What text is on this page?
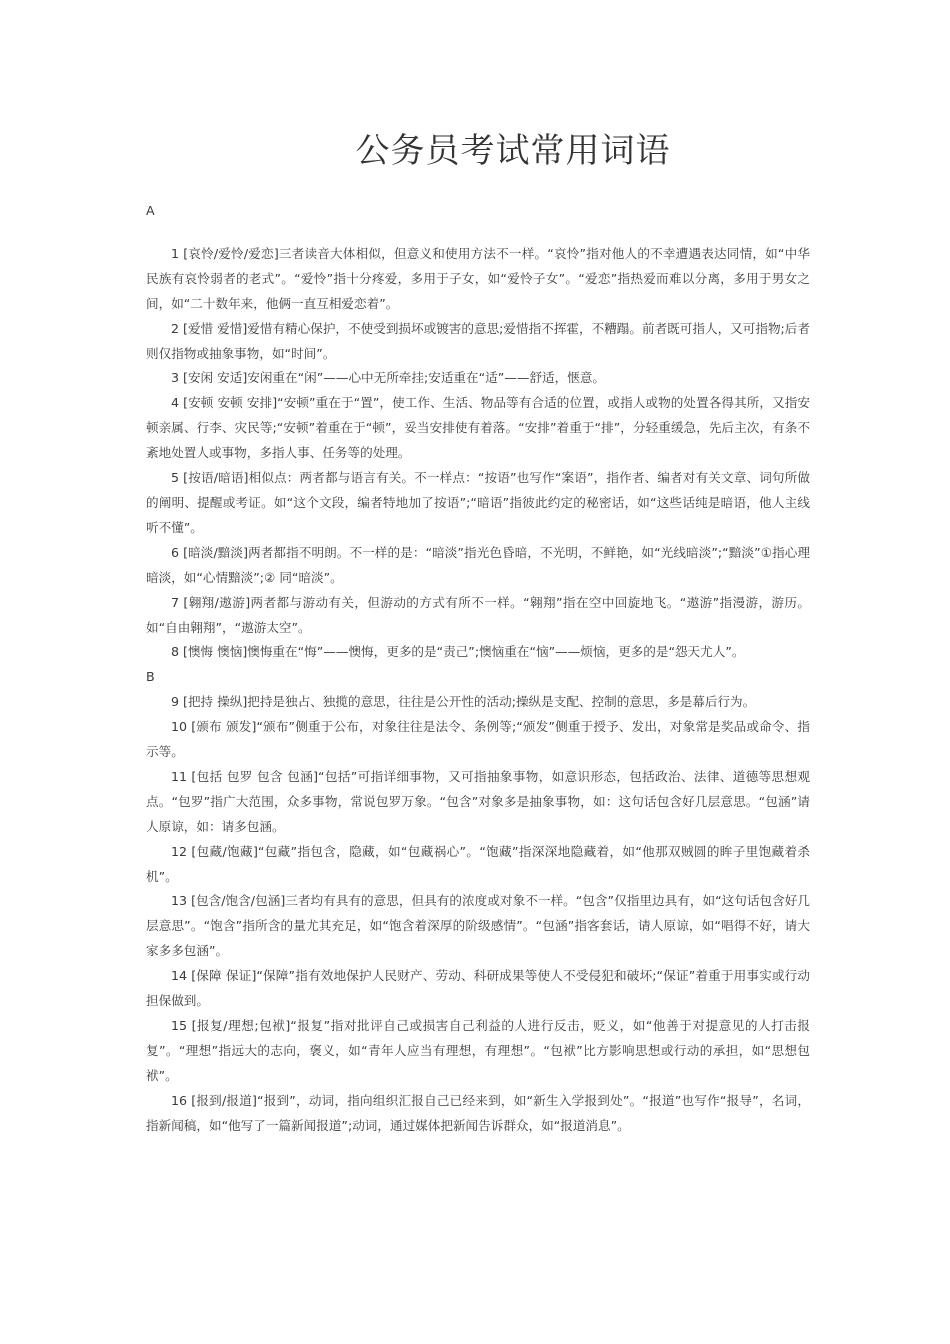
公务员考试常用词语

A

1 [哀怜/爱怜/爱恋]三者读音大体相似，但意义和使用方法不一样。“哀怜”指对他人的不幸遭遇表达同情，如“中华民族有哀怜弱者的老式”。“爱怜”指十分疼爱，多用于子女，如“爱怜子女”。“爱恋”指热爱而难以分离，多用于男女之间，如“二十数年来，他俩一直互相爱恋着”。

2 [爱惜 爱惜]爱惜有精心保护，不使受到损坏或镀害的意思;爱惜指不挥霍，不糟蹋。前者既可指人，又可指物;后者则仅指物或抽象事物，如“时间”。

3 [安闲 安适]安闲重在“闲”——心中无所牵挂;安适重在“适”——舒适，惬意。

4 [安顿 安顿 安排]“安顿”重在于“置”，使工作、生活、物品等有合适的位置，或指人或物的处置各得其所，又指安顿亲属、行李、灾民等;“安顿”着重在于“顿”，妥当安排使有着落。“安排”着重于“排”，分轻重缓急，先后主次，有条不紊地处置人或事物，多指人事、任务等的处理。

5 [按语/暗语]相似点：两者都与语言有关。不一样点：“按语”也写作“案语”，指作者、编者对有关文章、词句所做的阐明、提醒或考证。如“这个文段，编者特地加了按语”;“暗语”指彼此约定的秘密话，如“这些话纯是暗语，他人主线听不懂”。

6 [暗淡/黯淡]两者都指不明朗。不一样的是：“暗淡”指光色昏暗，不光明，不鲜艳，如“光线暗淡”;“黯淡”①指心理暗淡，如“心情黯淡”;② 同“暗淡”。

7 [翱翔/遨游]两者都与游动有关，但游动的方式有所不一样。“翱翔”指在空中回旋地飞。“遨游”指漫游，游历。如“自由翱翔”，“遨游太空”。

8 [懊悔 懊恼]懊悔重在“悔”——懊悔，更多的是“责己”;懊恼重在“恼”——烦恼，更多的是“怨天尤人”。

B

9 [把持 操纵]把持是独占、独揽的意思，往往是公开性的活动;操纵是支配、控制的意思，多是幕后行为。

10 [颁布 颁发]“颁布”侧重于公布，对象往往是法令、条例等;“颁发”侧重于授予、发出，对象常是奖品或命令、指示等。

11 [包括 包罗 包含 包涵]“包括”可指详细事物，又可指抽象事物，如意识形态，包括政治、法律、道德等思想观点。“包罗”指广大范围，众多事物，常说包罗万象。“包含”对象多是抽象事物，如：这句话包含好几层意思。“包涵”请人原谅，如：请多包涵。

12 [包藏/饱藏]“包藏”指包含，隐藏，如“包藏祸心”。“饱藏”指深深地隐藏着，如“他那双贼圆的眸子里饱藏着杀机”。

13 [包含/饱含/包涵]三者均有具有的意思，但具有的浓度或对象不一样。“包含”仅指里边具有，如“这句话包含好几层意思”。“饱含”指所含的量尤其充足，如“饱含着深厚的阶级感情”。“包涵”指客套话，请人原谅，如“唱得不好，请大家多多包涵”。

14 [保障 保证]“保障”指有效地保护人民财产、劳动、科研成果等使人不受侵犯和破坏;“保证”着重于用事实或行动担保做到。

15 [报复/理想;包袱]“报复”指对批评自己或损害自己利益的人进行反击，贬义，如“他善于对提意见的人打击报复”。“理想”指远大的志向，褒义，如“青年人应当有理想，有理想”。“包袱”比方影响思想或行动的承担，如“思想包袱”。

16 [报到/报道]“报到”，动词，指向组织汇报自己已经来到，如“新生入学报到处”。“报道”也写作“报导”，名词，指新闻稿，如“他写了一篇新闻报道”;动词，通过媒体把新闻告诉群众，如“报道消息”。
